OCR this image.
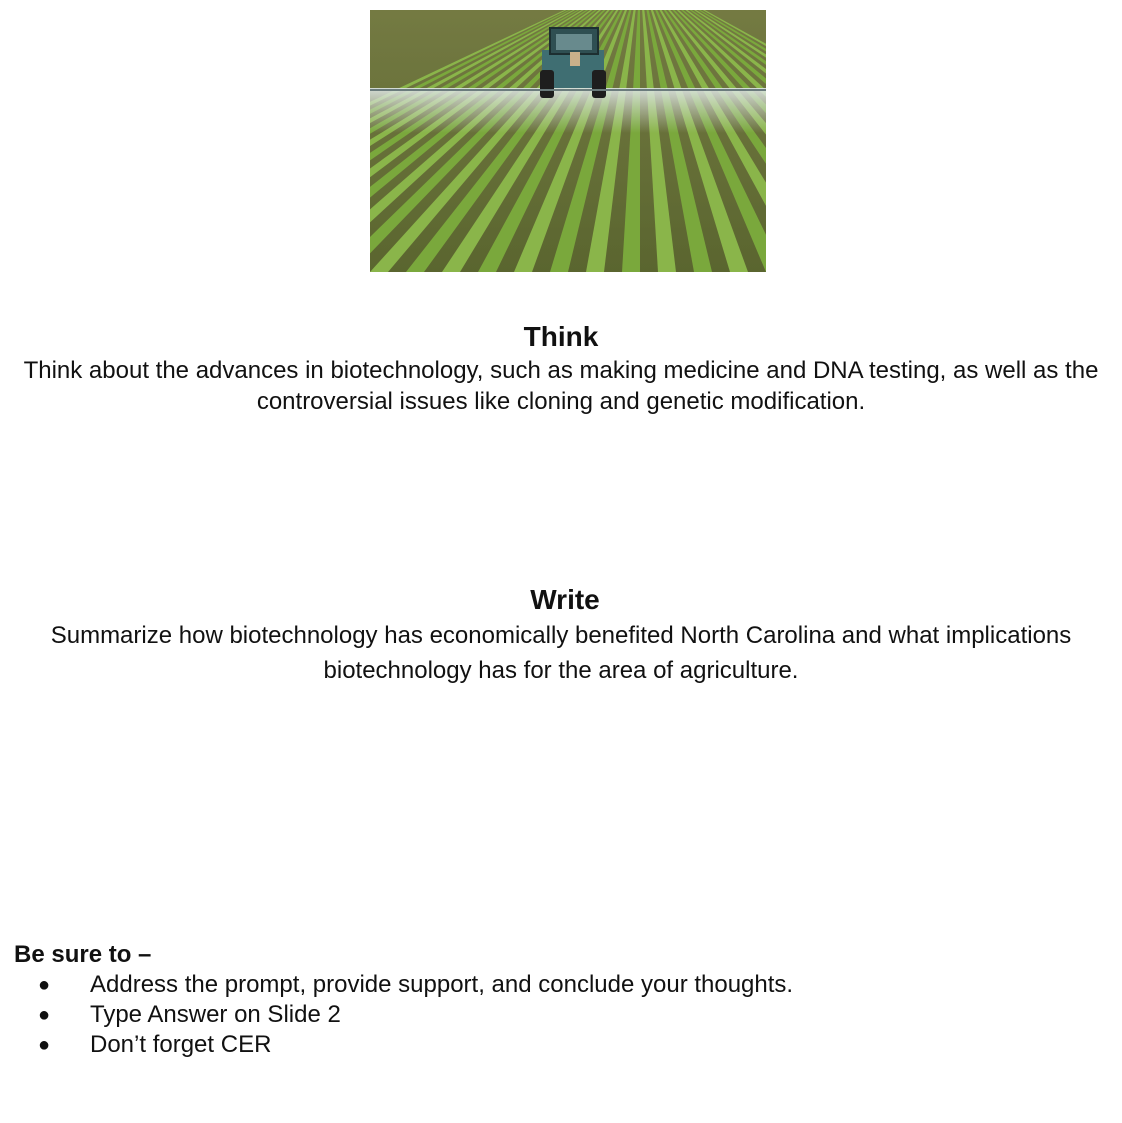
Think

Think about the advances in biotechnology, such as making medicine and DNA testing, as well as the controversial issues like cloning and genetic modification.

Write

Summarize how biotechnology has economically benefited North Carolina and what implications biotechnology has for the area of agriculture.

Be sure to –

● Address the prompt, provide support, and conclude your thoughts.
● Type Answer on Slide 2
● Don’t forget CER
